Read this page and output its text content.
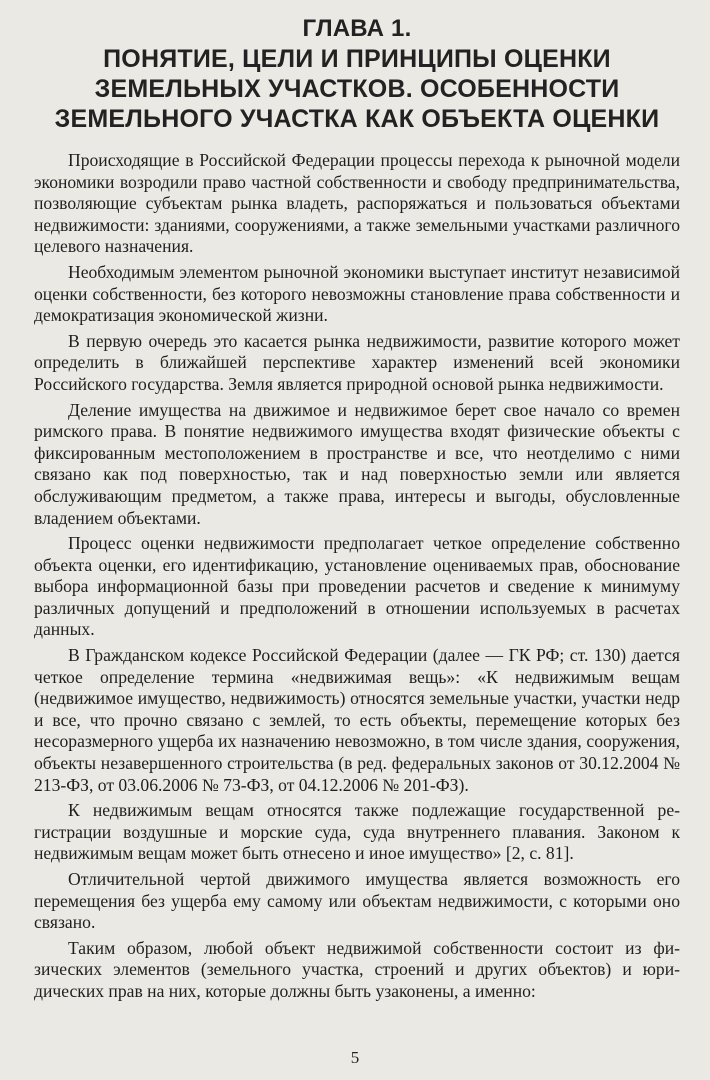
ГЛАВА 1.
ПОНЯТИЕ, ЦЕЛИ И ПРИНЦИПЫ ОЦЕНКИ
ЗЕМЕЛЬНЫХ УЧАСТКОВ. ОСОБЕННОСТИ
ЗЕМЕЛЬНОГО УЧАСТКА КАК ОБЪЕКТА ОЦЕНКИ

Происходящие в Российской Федерации процессы перехода к рыночной модели экономики возродили право частной собственности и свободу предпринимательства, позволяющие субъектам рынка владеть, распоряжаться и пользоваться объектами недвижимости: зданиями, сооружениями, а также земельными участками различного целевого назначения.

Необходимым элементом рыночной экономики выступает институт независимой оценки собственности, без которого невозможны становление права собственности и демократизация экономической жизни.

В первую очередь это касается рынка недвижимости, развитие которого может определить в ближайшей перспективе характер изменений всей экономики Российского государства. Земля является природной основой рынка недвижимости.

Деление имущества на движимое и недвижимое берет свое начало со времен римского права. В понятие недвижимого имущества входят физические объекты с фиксированным местоположением в пространстве и все, что неотделимо с ними связано как под поверхностью, так и над поверхностью земли или является обслуживающим предметом, а также права, интересы и выгоды, обусловленные владением объектами.

Процесс оценки недвижимости предполагает четкое определение собственно объекта оценки, его идентификацию, установление оцениваемых прав, обоснование выбора информационной базы при проведении расчетов и сведение к минимуму различных допущений и предположений в отношении используемых в расчетах данных.

В Гражданском кодексе Российской Федерации (далее — ГК РФ; ст. 130) дается четкое определение термина «недвижимая вещь»: «К недвижимым вещам (недвижимое имущество, недвижимость) относятся земельные участки, участки недр и все, что прочно связано с землей, то есть объекты, перемещение которых без несоразмерного ущерба их назначению невозможно, в том числе здания, сооружения, объекты незавершенного строительства (в ред. федеральных законов от 30.12.2004 № 213-ФЗ, от 03.06.2006 № 73-ФЗ, от 04.12.2006 № 201-ФЗ).

К недвижимым вещам относятся также подлежащие государственной регистрации воздушные и морские суда, суда внутреннего плавания. Законом к недвижимым вещам может быть отнесено и иное имущество» [2, с. 81].

Отличительной чертой движимого имущества является возможность его перемещения без ущерба ему самому или объектам недвижимости, с которыми оно связано.

Таким образом, любой объект недвижимой собственности состоит из физических элементов (земельного участка, строений и других объектов) и юридических прав на них, которые должны быть узаконены, а именно:

5
